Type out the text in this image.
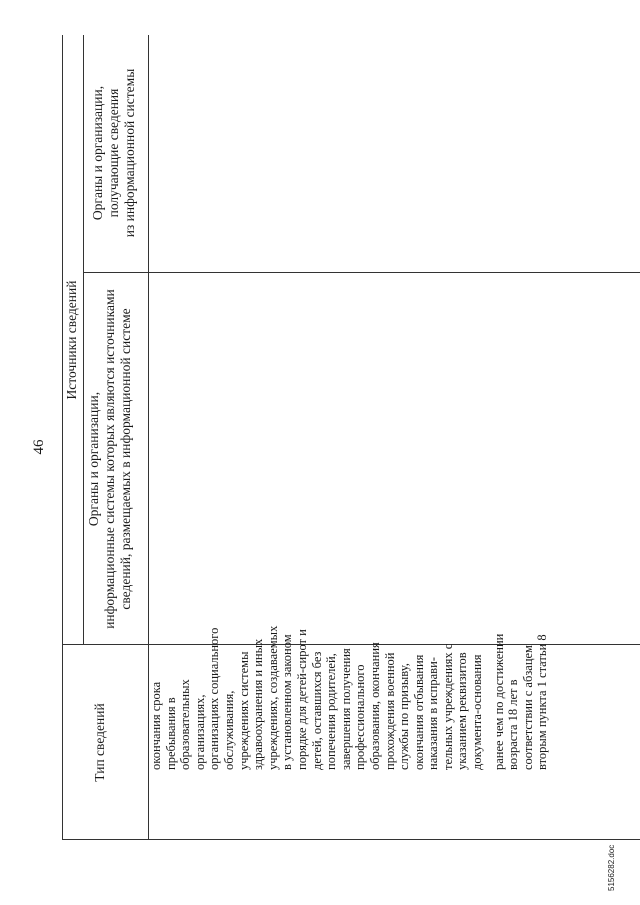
46
Тип сведений
Источники сведений
Органы и организации, информационные системы которых являются источниками сведений, размещаемых в информационной системе
Органы и организации, получающие сведения из информационной системы
окончания срока пребывания в образовательных организациях, организациях социального обслуживания, учреждениях системы здравоохранения и иных учреждениях, создаваемых в установленном законом порядке для детей-сирот и детей, оставшихся без попечения родителей, завершения получения профессионального образования, окончания прохождения военной службы по призыву, окончания отбывания наказания в исправи- тельных учреждениях с указанием реквизитов документа-основания ранее чем по достижении возраста 18 лет в соответствии с абзацем вторым пункта 1 статьи 8
5156282.doc
